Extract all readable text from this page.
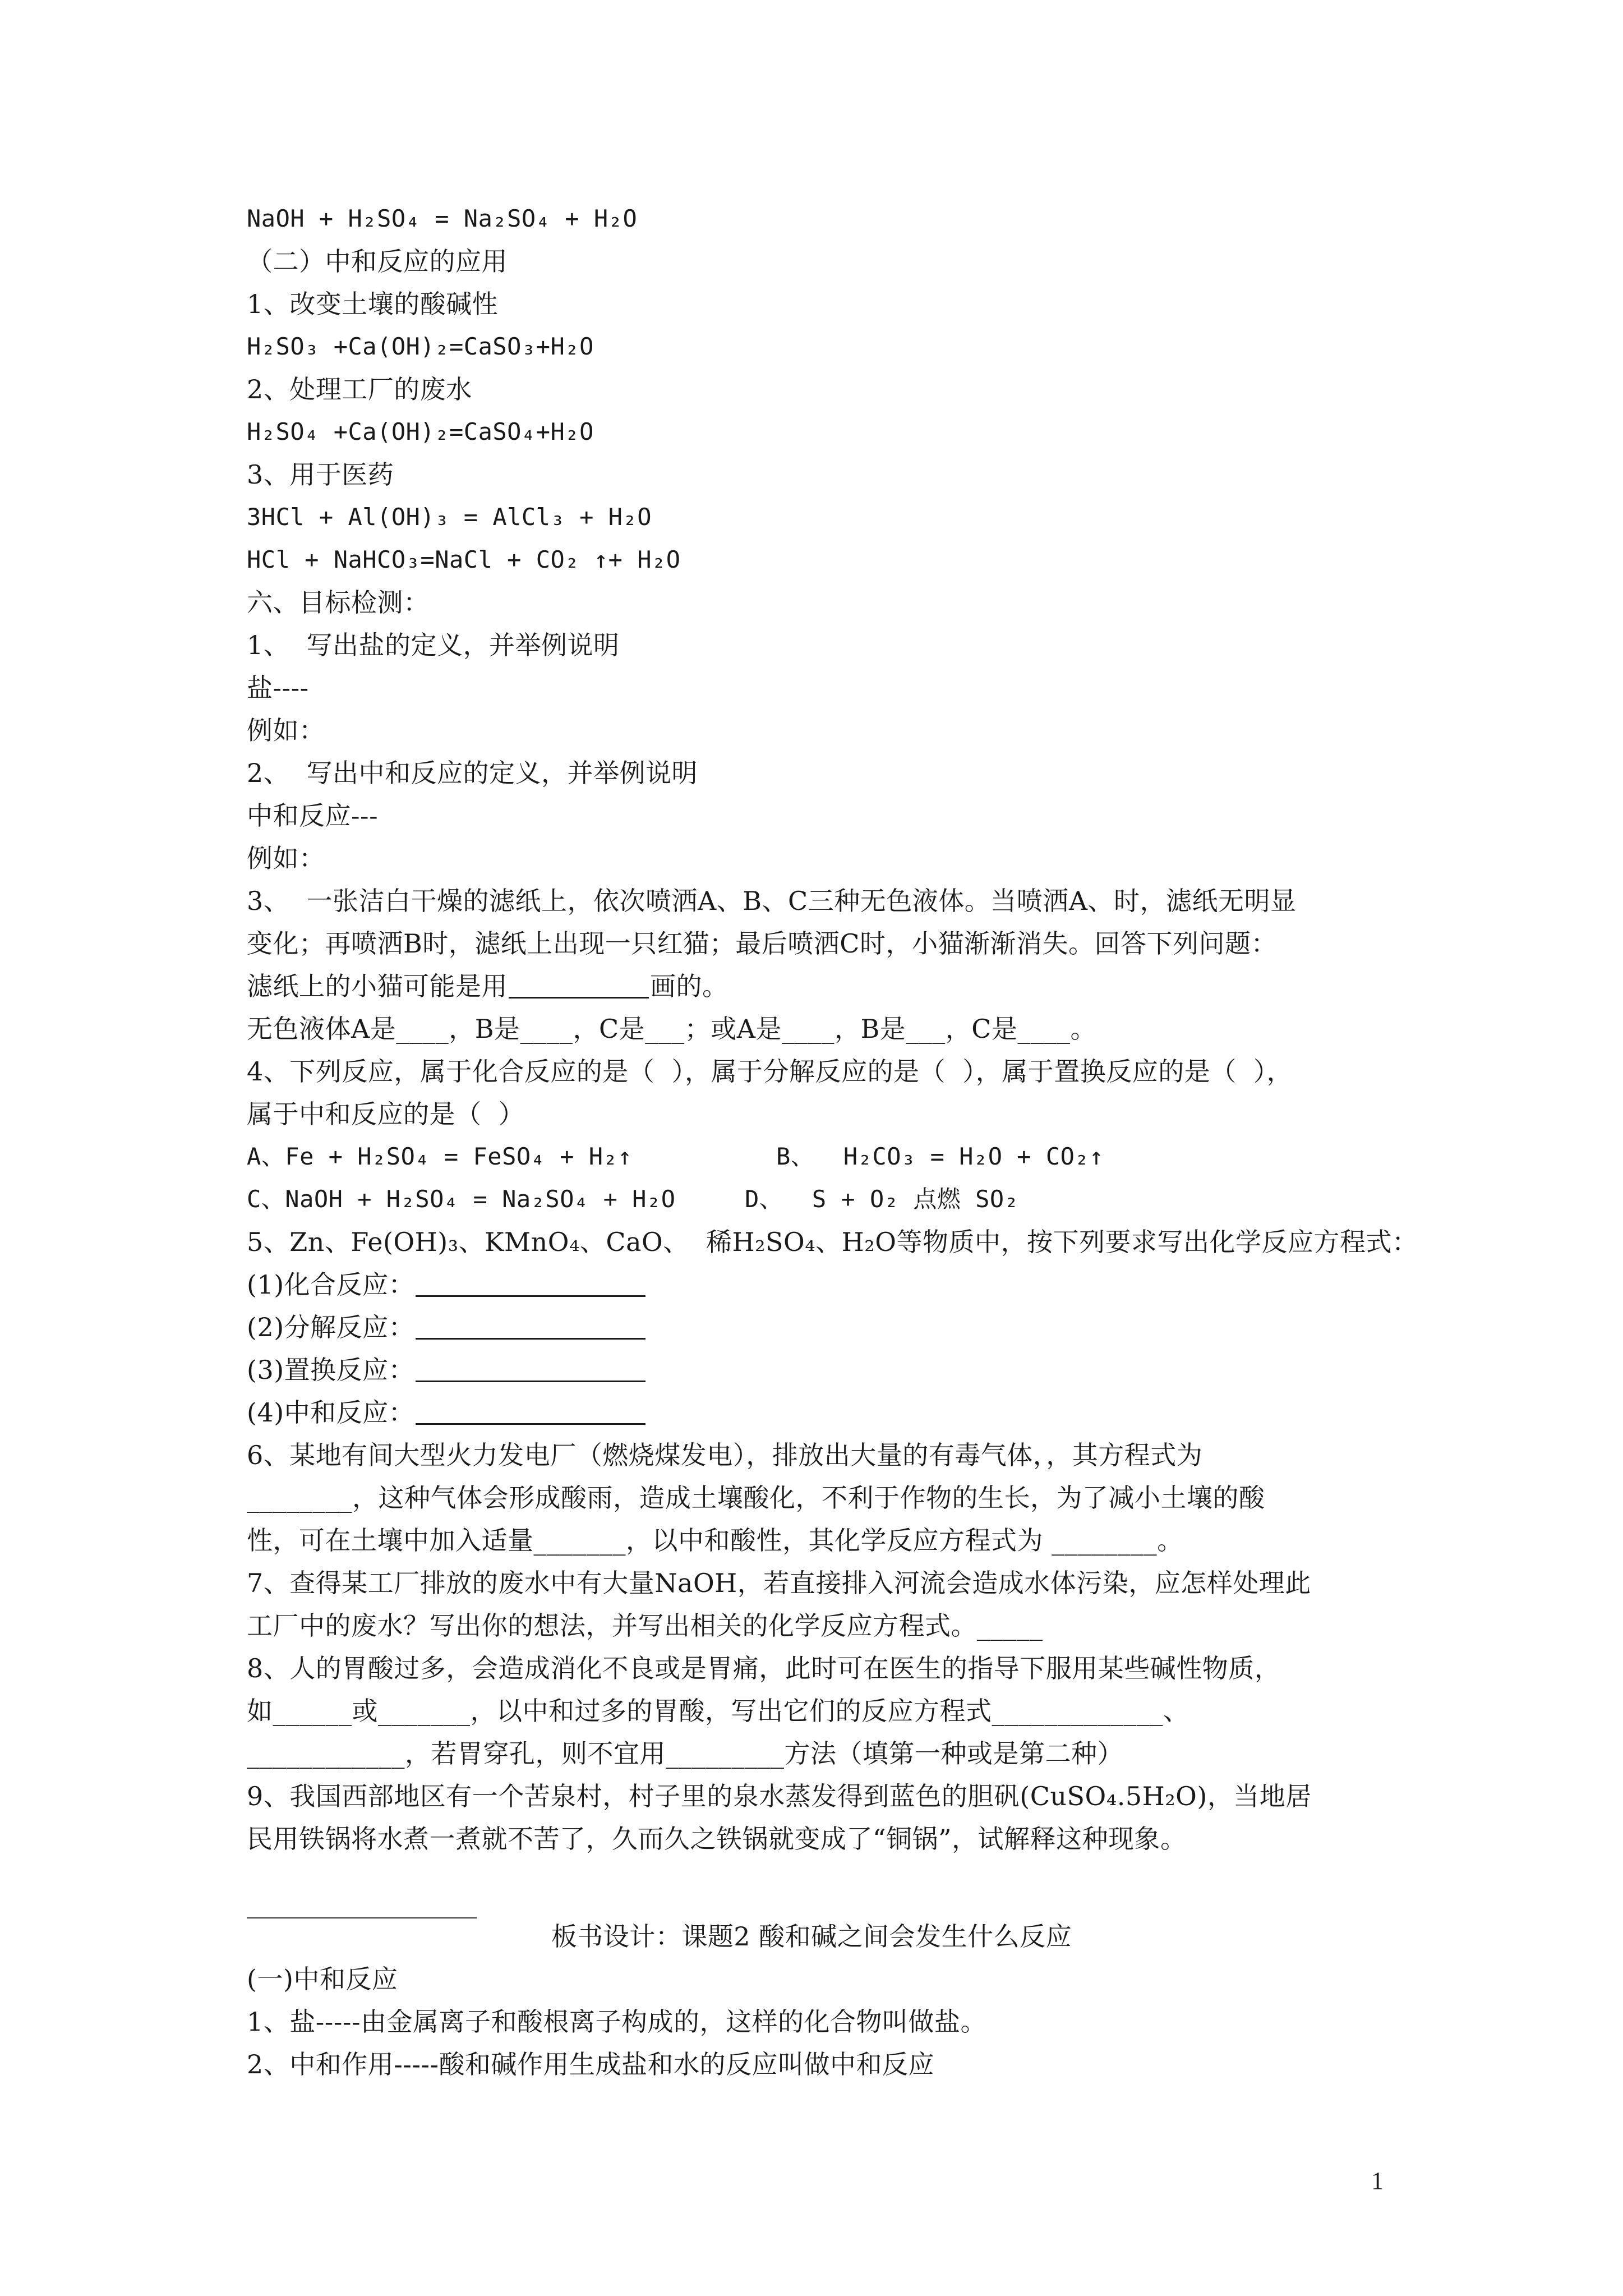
NaOH + H₂SO₄ = Na₂SO₄ + H₂O
（二）中和反应的应用
1、改变土壤的酸碱性
H₂SO₃ +Ca(OH)₂=CaSO₃+H₂O
2、处理工厂的废水
H₂SO₄ +Ca(OH)₂=CaSO₄+H₂O
3、用于医药
3HCl + Al(OH)₃ = AlCl₃ + H₂O
HCl + NaHCO₃=NaCl + CO₂ ↑+ H₂O
六、目标检测：
1、  写出盐的定义，并举例说明
盐----
例如：
2、  写出中和反应的定义，并举例说明
中和反应---
例如：
3、  一张洁白干燥的滤纸上，依次喷洒A、B、C三种无色液体。当喷洒A、时，滤纸无明显
变化；再喷洒B时，滤纸上出现一只红猫；最后喷洒C时，小猫渐渐消失。回答下列问题：
滤纸上的小猫可能是用	画的。
无色液体A是____，B是____，C是___；或A是____，B是___，C是____。
4、下列反应，属于化合反应的是（  ），属于分解反应的是（  ），属于置换反应的是（  ），
属于中和反应的是（  ）
A、Fe + H₂SO₄ = FeSO₄ + H₂↑	B、  H₂CO₃ = H₂O + CO₂↑
C、NaOH + H₂SO₄ = Na₂SO₄ + H₂O	D、  S + O₂ 点燃 SO₂
5、Zn、Fe(OH)₃、KMnO₄、CaO、  稀H₂SO₄、H₂O等物质中，按下列要求写出化学反应方程式：
(1)化合反应：
(2)分解反应：
(3)置换反应：
(4)中和反应：
6、某地有间大型火力发电厂（燃烧煤发电），排放出大量的有毒气体，，其方程式为
________，这种气体会形成酸雨，造成土壤酸化，不利于作物的生长，为了减小土壤的酸
性，可在土壤中加入适量_______，以中和酸性，其化学反应方程式为 ________。
7、查得某工厂排放的废水中有大量NaOH，若直接排入河流会造成水体污染，应怎样处理此
工厂中的废水？写出你的想法，并写出相关的化学反应方程式。_____
8、人的胃酸过多，会造成消化不良或是胃痛，此时可在医生的指导下服用某些碱性物质，
如______或_______，以中和过多的胃酸，写出它们的反应方程式_____________、
____________，若胃穿孔，则不宜用_________方法（填第一种或是第二种）
9、我国西部地区有一个苦泉村，村子里的泉水蒸发得到蓝色的胆矾(CuSO₄.5H₂O)，当地居
民用铁锅将水煮一煮就不苦了，久而久之铁锅就变成了“铜锅”，试解释这种现象。
板书设计：课题2 酸和碱之间会发生什么反应
(一)中和反应
1、盐-----由金属离子和酸根离子构成的，这样的化合物叫做盐。
2、中和作用-----酸和碱作用生成盐和水的反应叫做中和反应
1
